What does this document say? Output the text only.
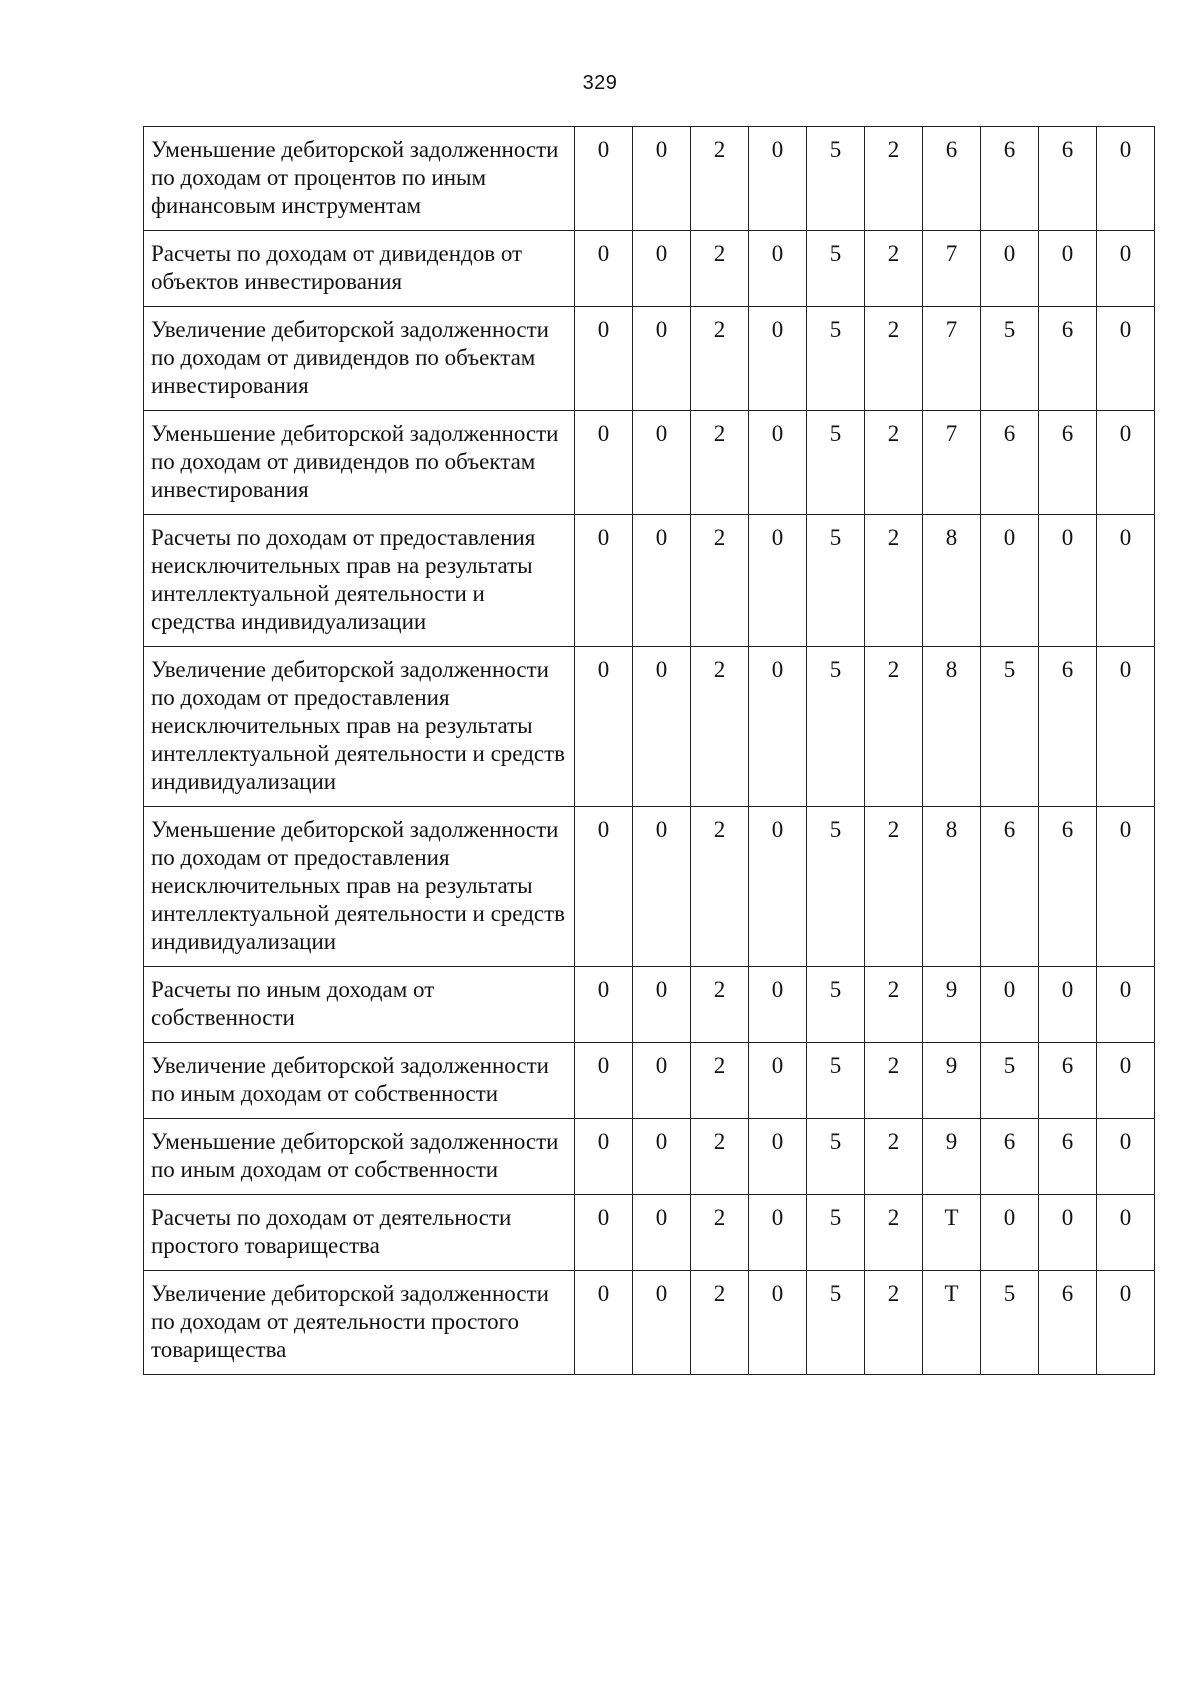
329
Уменьшение дебиторской задолженности по доходам от процентов по иным финансовым инструментам	0	0	2	0	5	2	6	6	6	0
Расчеты по доходам от дивидендов от объектов инвестирования	0	0	2	0	5	2	7	0	0	0
Увеличение дебиторской задолженности по доходам от дивидендов по объектам инвестирования	0	0	2	0	5	2	7	5	6	0
Уменьшение дебиторской задолженности по доходам от дивидендов по объектам инвестирования	0	0	2	0	5	2	7	6	6	0
Расчеты по доходам от предоставления неисключительных прав на результаты интеллектуальной деятельности и средства индивидуализации	0	0	2	0	5	2	8	0	0	0
Увеличение дебиторской задолженности по доходам от предоставления неисключительных прав на результаты интеллектуальной деятельности и средств индивидуализации	0	0	2	0	5	2	8	5	6	0
Уменьшение дебиторской задолженности по доходам от предоставления неисключительных прав на результаты интеллектуальной деятельности и средств индивидуализации	0	0	2	0	5	2	8	6	6	0
Расчеты по иным доходам от собственности	0	0	2	0	5	2	9	0	0	0
Увеличение дебиторской задолженности по иным доходам от собственности	0	0	2	0	5	2	9	5	6	0
Уменьшение дебиторской задолженности по иным доходам от собственности	0	0	2	0	5	2	9	6	6	0
Расчеты по доходам от деятельности простого товарищества	0	0	2	0	5	2	Т	0	0	0
Увеличение дебиторской задолженности по доходам от деятельности простого товарищества	0	0	2	0	5	2	Т	5	6	0
